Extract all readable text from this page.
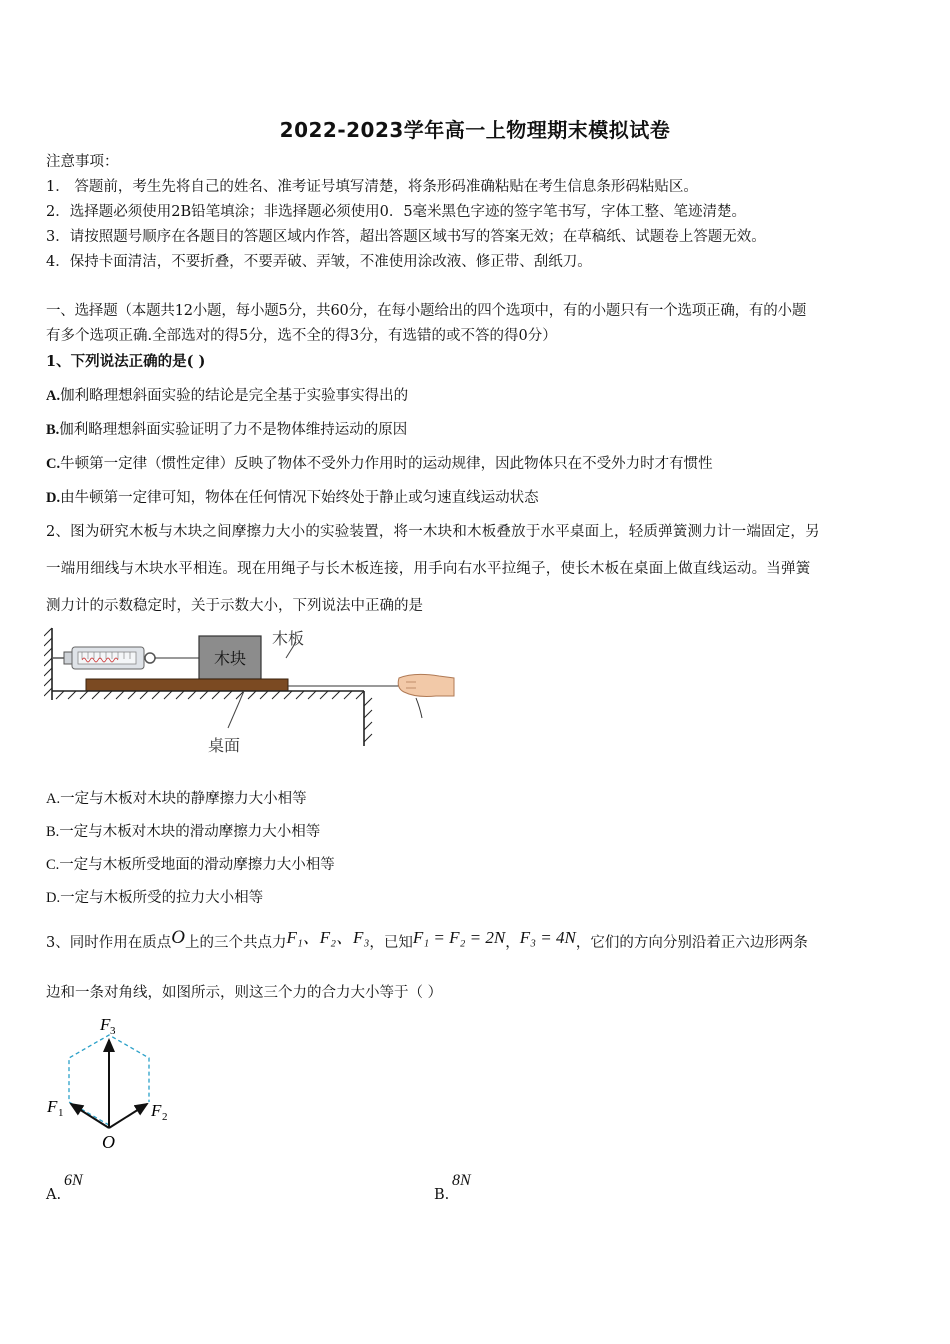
2022-2023学年高一上物理期末模拟试卷
注意事项：
1． 答题前，考生先将自己的姓名、准考证号填写清楚，将条形码准确粘贴在考生信息条形码粘贴区。
2．选择题必须使用2B铅笔填涂；非选择题必须使用0．5毫米黑色字迹的签字笔书写，字体工整、笔迹清楚。
3．请按照题号顺序在各题目的答题区域内作答，超出答题区域书写的答案无效；在草稿纸、试题卷上答题无效。
4．保持卡面清洁，不要折叠，不要弄破、弄皱，不准使用涂改液、修正带、刮纸刀。
一、选择题（本题共12小题，每小题5分，共60分，在每小题给出的四个选项中，有的小题只有一个选项正确，有的小题
有多个选项正确.全部选对的得5分，选不全的得3分，有选错的或不答的得0分）
1、下列说法正确的是( )
A.伽利略理想斜面实验的结论是完全基于实验事实得出的
B.伽利略理想斜面实验证明了力不是物体维持运动的原因
C.牛顿第一定律（惯性定律）反映了物体不受外力作用时的运动规律，因此物体只在不受外力时才有惯性
D.由牛顿第一定律可知，物体在任何情况下始终处于静止或匀速直线运动状态
2、图为研究木板与木块之间摩擦力大小的实验装置，将一木块和木板叠放于水平桌面上，轻质弹簧测力计一端固定，另
一端用细线与木块水平相连。现在用绳子与长木板连接，用手向右水平拉绳子，使长木板在桌面上做直线运动。当弹簧
测力计的示数稳定时，关于示数大小，下列说法中正确的是
木块
木板
桌面
A.一定与木板对木块的静摩擦力大小相等
B.一定与木板对木块的滑动摩擦力大小相等
C.一定与木板所受地面的滑动摩擦力大小相等
D.一定与木板所受的拉力大小相等
3、同时作用在质点O上的三个共点力F₁、F₂、F₃，已知F₁ = F₂ = 2N，F₃ = 4N，它们的方向分别沿着正六边形两条
边和一条对角线，如图所示，则这三个力的合力大小等于（ ）
F 3
F 1	F 2
O
A.
6N
B.
8N
